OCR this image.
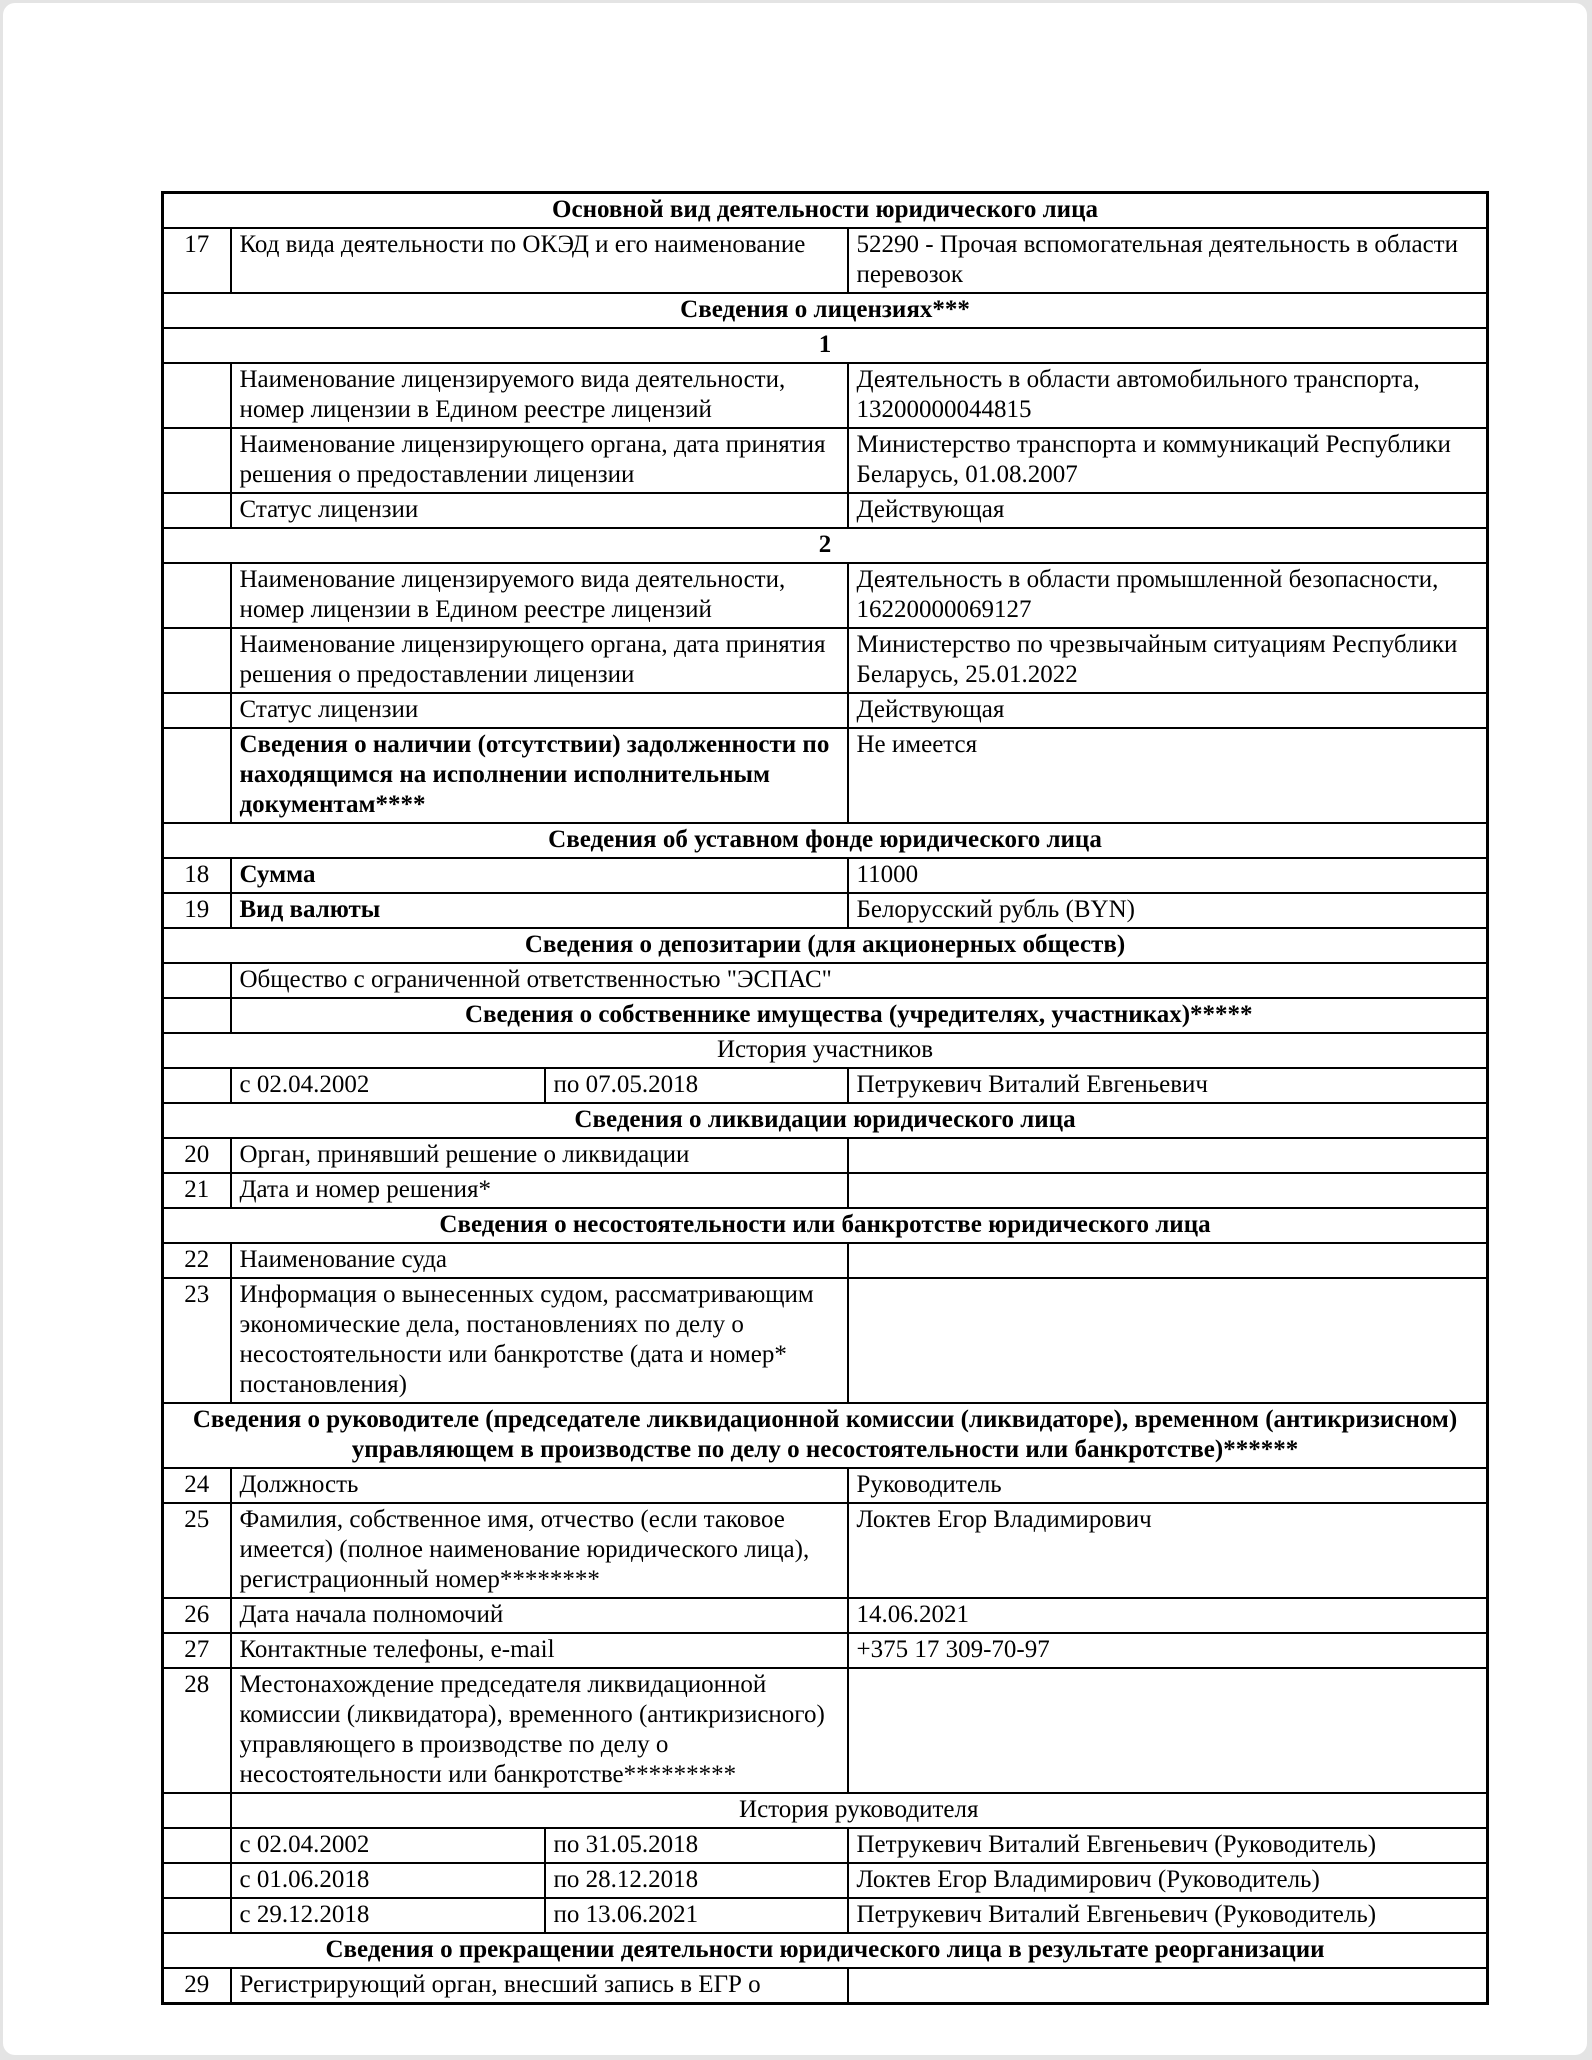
Основной вид деятельности юридического лица			
17	Код вида деятельности по ОКЭД и его наименование		52290 - Прочая вспомогательная деятельность в области перевозок
Сведения о лицензиях***			
1			
	Наименование лицензируемого вида деятельности, номер лицензии в Едином реестре лицензий		Деятельность в области автомобильного транспорта, 13200000044815
	Наименование лицензирующего органа, дата принятия решения о предоставлении лицензии		Министерство транспорта и коммуникаций Республики Беларусь, 01.08.2007
	Статус лицензии		Действующая
2			
	Наименование лицензируемого вида деятельности, номер лицензии в Едином реестре лицензий		Деятельность в области промышленной безопасности, 16220000069127
	Наименование лицензирующего органа, дата принятия решения о предоставлении лицензии		Министерство по чрезвычайным ситуациям Республики Беларусь, 25.01.2022
	Статус лицензии		Действующая
	Сведения о наличии (отсутствии) задолженности по находящимся на исполнении исполнительным документам****		Не имеется
Сведения об уставном фонде юридического лица			
18	Сумма		11000
19	Вид валюты		Белорусский рубль (BYN)
Сведения о депозитарии (для акционерных обществ)			
	Общество с ограниченной ответственностью "ЭСПАС"		
	Сведения о собственнике имущества (учредителях, участниках)*****		
История участников			
	с 02.04.2002	по 07.05.2018	Петрукевич Виталий Евгеньевич
Сведения о ликвидации юридического лица			
20	Орган, принявший решение о ликвидации		
21	Дата и номер решения*		
Сведения о несостоятельности или банкротстве юридического лица			
22	Наименование суда		
23	Информация о вынесенных судом, рассматривающим экономические дела, постановлениях по делу о несостоятельности или банкротстве (дата и номер* постановления)		
Сведения о руководителе (председателе ликвидационной комиссии (ликвидаторе), временном (антикризисном) управляющем в производстве по делу о несостоятельности или банкротстве)******			
24	Должность		Руководитель
25	Фамилия, собственное имя, отчество (если таковое имеется) (полное наименование юридического лица), регистрационный номер********		Локтев Егор Владимирович
26	Дата начала полномочий		14.06.2021
27	Контактные телефоны, e-mail		+375 17 309-70-97
28	Местонахождение председателя ликвидационной комиссии (ликвидатора), временного (антикризисного) управляющего в производстве по делу о несостоятельности или банкротстве*********		
	История руководителя		
	с 02.04.2002	по 31.05.2018	Петрукевич Виталий Евгеньевич (Руководитель)
	с 01.06.2018	по 28.12.2018	Локтев Егор Владимирович (Руководитель)
	с 29.12.2018	по 13.06.2021	Петрукевич Виталий Евгеньевич (Руководитель)
Сведения о прекращении деятельности юридического лица в результате реорганизации			
29	Регистрирующий орган, внесший запись в ЕГР о		
